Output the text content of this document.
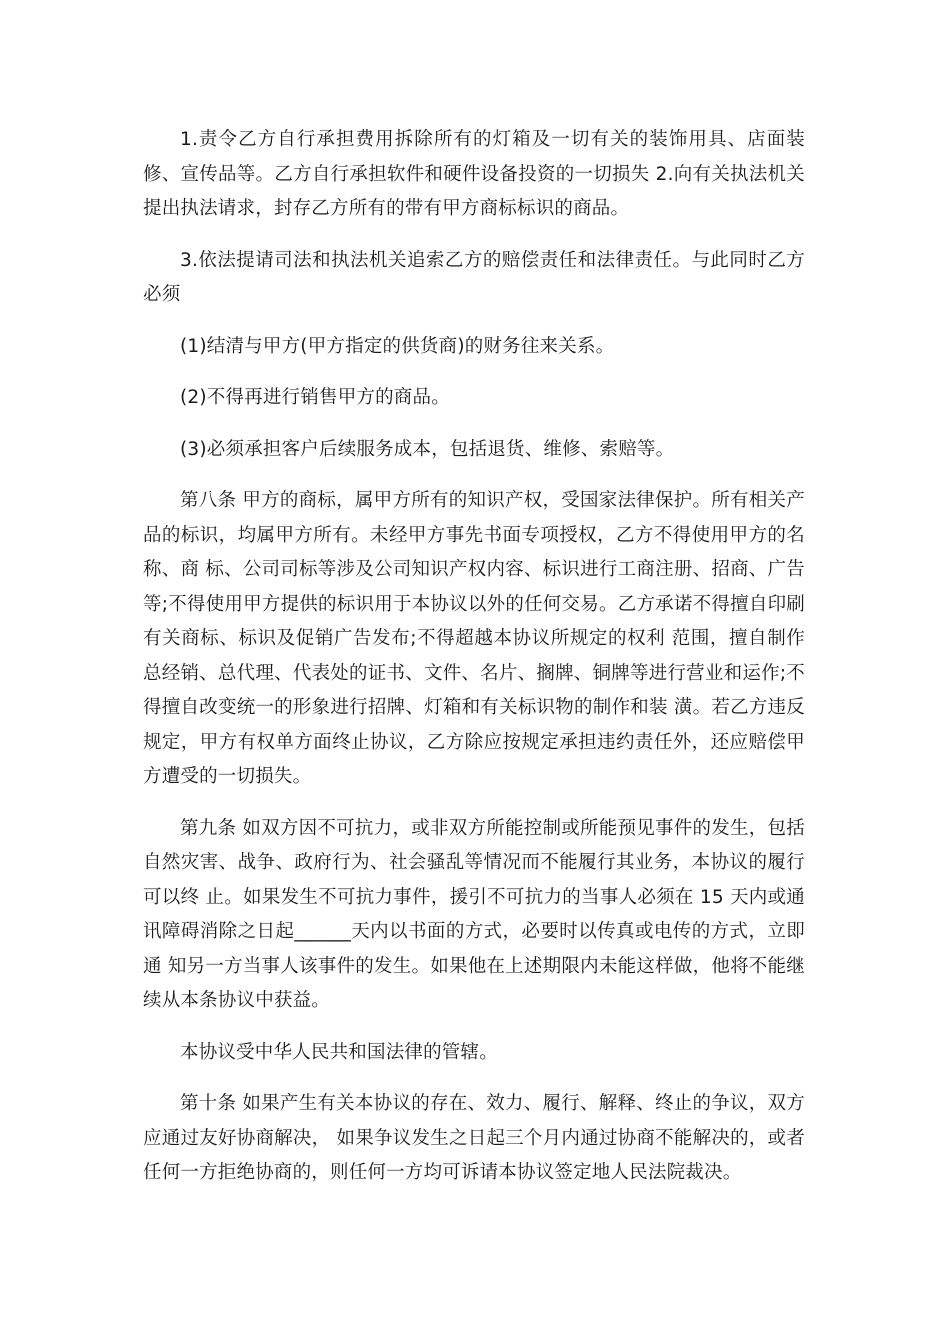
1.责令乙方自行承担费用拆除所有的灯箱及一切有关的装饰用具、店面装修、宣传品等。乙方自行承担软件和硬件设备投资的一切损失 2.向有关执法机关提出执法请求，封存乙方所有的带有甲方商标标识的商品。

3.依法提请司法和执法机关追索乙方的赔偿责任和法律责任。与此同时乙方必须

(1)结清与甲方(甲方指定的供货商)的财务往来关系。

(2)不得再进行销售甲方的商品。

(3)必须承担客户后续服务成本，包括退货、维修、索赔等。

第八条 甲方的商标，属甲方所有的知识产权，受国家法律保护。所有相关产品的标识，均属甲方所有。未经甲方事先书面专项授权，乙方不得使用甲方的名称、商 标、公司司标等涉及公司知识产权内容、标识进行工商注册、招商、广告等;不得使用甲方提供的标识用于本协议以外的任何交易。乙方承诺不得擅自印刷有关商标、标识及促销广告发布;不得超越本协议所规定的权利 范围，擅自制作总经销、总代理、代表处的证书、文件、名片、搁牌、铜牌等进行营业和运作;不得擅自改变统一的形象进行招牌、灯箱和有关标识物的制作和装 潢。若乙方违反规定，甲方有权单方面终止协议，乙方除应按规定承担违约责任外，还应赔偿甲方遭受的一切损失。

第九条 如双方因不可抗力，或非双方所能控制或所能预见事件的发生，包括自然灾害、战争、政府行为、社会骚乱等情况而不能履行其业务，本协议的履行可以终 止。如果发生不可抗力事件，援引不可抗力的当事人必须在 15 天内或通讯障碍消除之日起______天内以书面的方式，必要时以传真或电传的方式，立即通 知另一方当事人该事件的发生。如果他在上述期限内未能这样做，他将不能继续从本条协议中获益。

本协议受中华人民共和国法律的管辖。

第十条 如果产生有关本协议的存在、效力、履行、解释、终止的争议，双方应通过友好协商解决， 如果争议发生之日起三个月内通过协商不能解决的，或者任何一方拒绝协商的，则任何一方均可诉请本协议签定地人民法院裁决。
